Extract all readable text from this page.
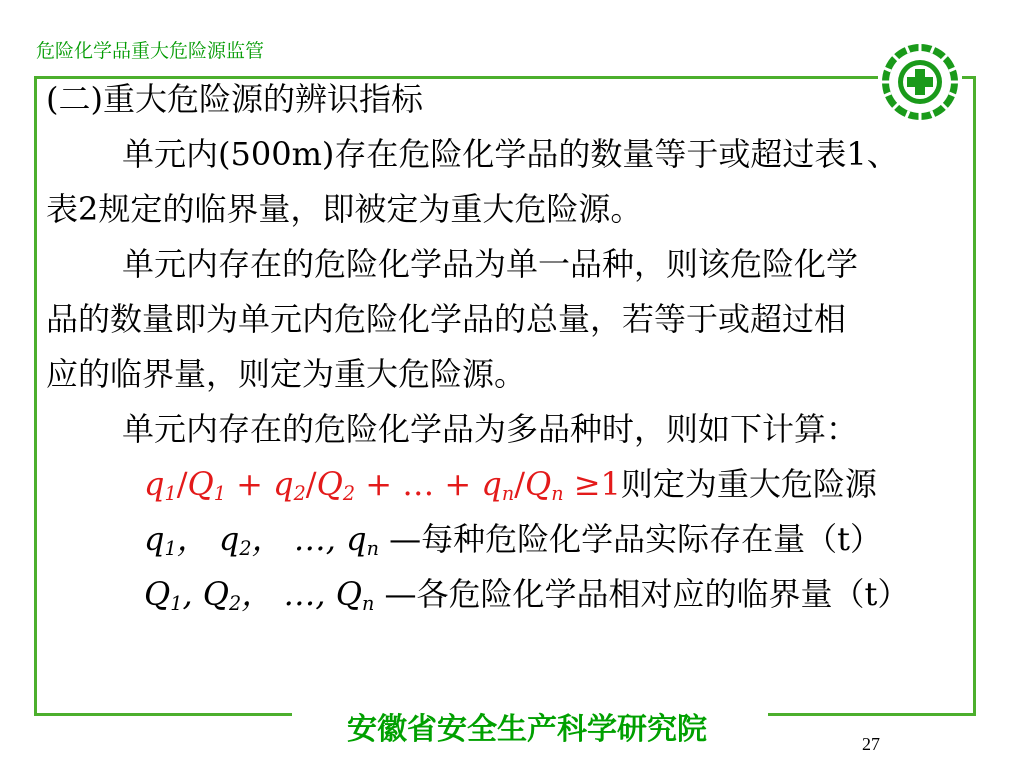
危险化学品重大危险源监管
(二)重大危险源的辨识指标
单元内(500m)存在危险化学品的数量等于或超过表1、
表2规定的临界量，即被定为重大危险源。
单元内存在的危险化学品为单一品种，则该危险化学
品的数量即为单元内危险化学品的总量，若等于或超过相
应的临界量，则定为重大危险源。
单元内存在的危险化学品为多品种时，则如下计算：
$q_1/Q_1 + q_2/Q_2$ + … + $q_n/Q_n \ge 1$则定为重大危险源
$q_1$， $q_2$， …, $q_n$ —每种危险化学品实际存在量（t）
$Q_1$, $Q_2$， …, $Q_n$ —各危险化学品相对应的临界量（t）
安徽省安全生产科学研究院	27
